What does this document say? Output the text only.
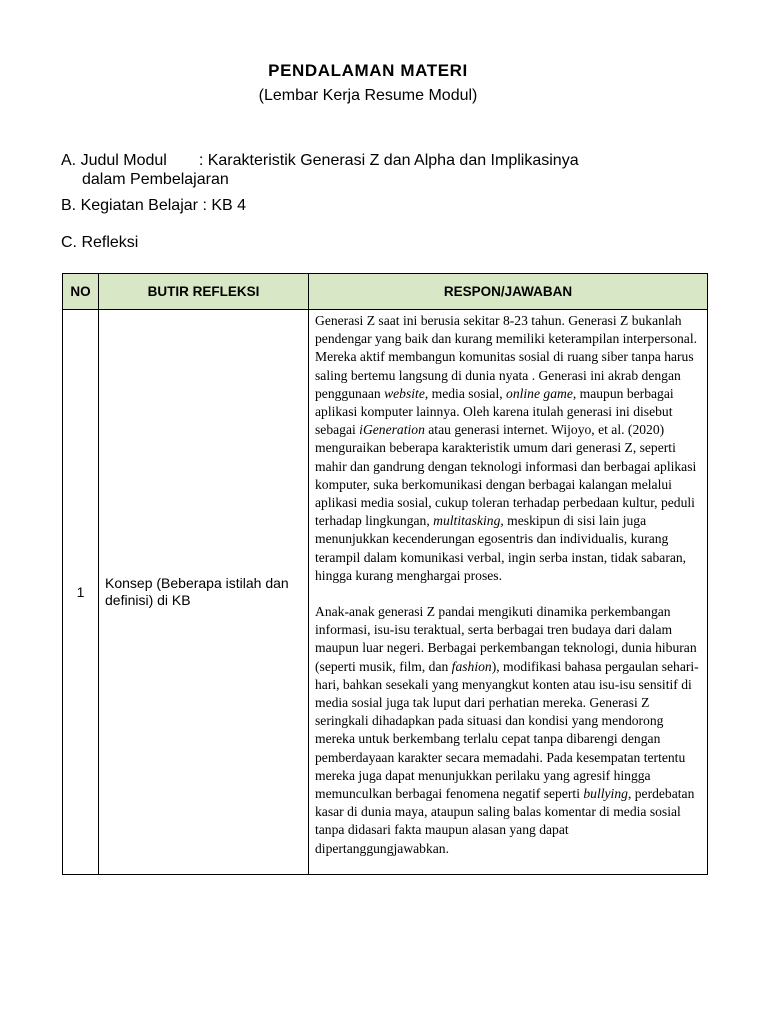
PENDALAMAN MATERI
(Lembar Kerja Resume Modul)
A. Judul Modul : Karakteristik Generasi Z dan Alpha dan Implikasinya
dalam Pembelajaran
B. Kegiatan Belajar : KB 4
C. Refleksi
NO	BUTIR REFLEKSI	RESPON/JAWABAN
1	Konsep (Beberapa istilah dan definisi) di KB	Generasi Z saat ini berusia sekitar 8-23 tahun. Generasi Z bukanlah pendengar yang baik dan kurang memiliki keterampilan interpersonal. Mereka aktif membangun komunitas sosial di ruang siber tanpa harus saling bertemu langsung di dunia nyata . Generasi ini akrab dengan penggunaan website, media sosial, online game, maupun berbagai aplikasi komputer lainnya. Oleh karena itulah generasi ini disebut sebagai iGeneration atau generasi internet. Wijoyo, et al. (2020) menguraikan beberapa karakteristik umum dari generasi Z, seperti mahir dan gandrung dengan teknologi informasi dan berbagai aplikasi komputer, suka berkomunikasi dengan berbagai kalangan melalui aplikasi media sosial, cukup toleran terhadap perbedaan kultur, peduli terhadap lingkungan, multitasking, meskipun di sisi lain juga menunjukkan kecenderungan egosentris dan individualis, kurang terampil dalam komunikasi verbal, ingin serba instan, tidak sabaran, hingga kurang menghargai proses.

Anak-anak generasi Z pandai mengikuti dinamika perkembangan informasi, isu-isu teraktual, serta berbagai tren budaya dari dalam maupun luar negeri. Berbagai perkembangan teknologi, dunia hiburan (seperti musik, film, dan fashion), modifikasi bahasa pergaulan sehari-hari, bahkan sesekali yang menyangkut konten atau isu-isu sensitif di media sosial juga tak luput dari perhatian mereka. Generasi Z seringkali dihadapkan pada situasi dan kondisi yang mendorong mereka untuk berkembang terlalu cepat tanpa dibarengi dengan pemberdayaan karakter secara memadahi. Pada kesempatan tertentu mereka juga dapat menunjukkan perilaku yang agresif hingga memunculkan berbagai fenomena negatif seperti bullying, perdebatan kasar di dunia maya, ataupun saling balas komentar di media sosial tanpa didasari fakta maupun alasan yang dapat dipertanggungjawabkan.
